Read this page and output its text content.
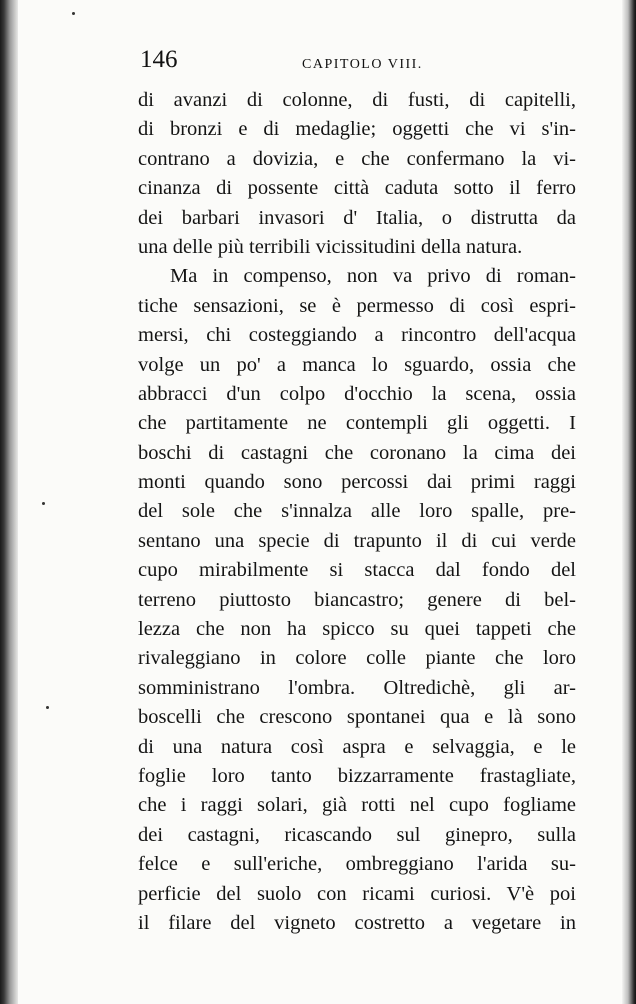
146	CAPITOLO VIII.
di avanzi di colonne, di fusti, di capitelli,
di bronzi e di medaglie; oggetti che vi s'in-
contrano a dovizia, e che confermano la vi-
cinanza di possente città caduta sotto il ferro
dei barbari invasori d' Italia, o distrutta da
una delle più terribili vicissitudini della natura.
Ma in compenso, non va privo di roman-
tiche sensazioni, se è permesso di così espri-
mersi, chi costeggiando a rincontro dell'acqua
volge un po' a manca lo sguardo, ossia che
abbracci d'un colpo d'occhio la scena, ossia
che partitamente ne contempli gli oggetti. I
boschi di castagni che coronano la cima dei
monti quando sono percossi dai primi raggi
del sole che s'innalza alle loro spalle, pre-
sentano una specie di trapunto il di cui verde
cupo mirabilmente si stacca dal fondo del
terreno piuttosto biancastro; genere di bel-
lezza che non ha spicco su quei tappeti che
rivaleggiano in colore colle piante che loro
somministrano l'ombra. Oltredichè, gli ar-
boscelli che crescono spontanei qua e là sono
di una natura così aspra e selvaggia, e le
foglie loro tanto bizzarramente frastagliate,
che i raggi solari, già rotti nel cupo fogliame
dei castagni, ricascando sul ginepro, sulla
felce e sull'eriche, ombreggiano l'arida su-
perficie del suolo con ricami curiosi. V'è poi
il filare del vigneto costretto a vegetare in
